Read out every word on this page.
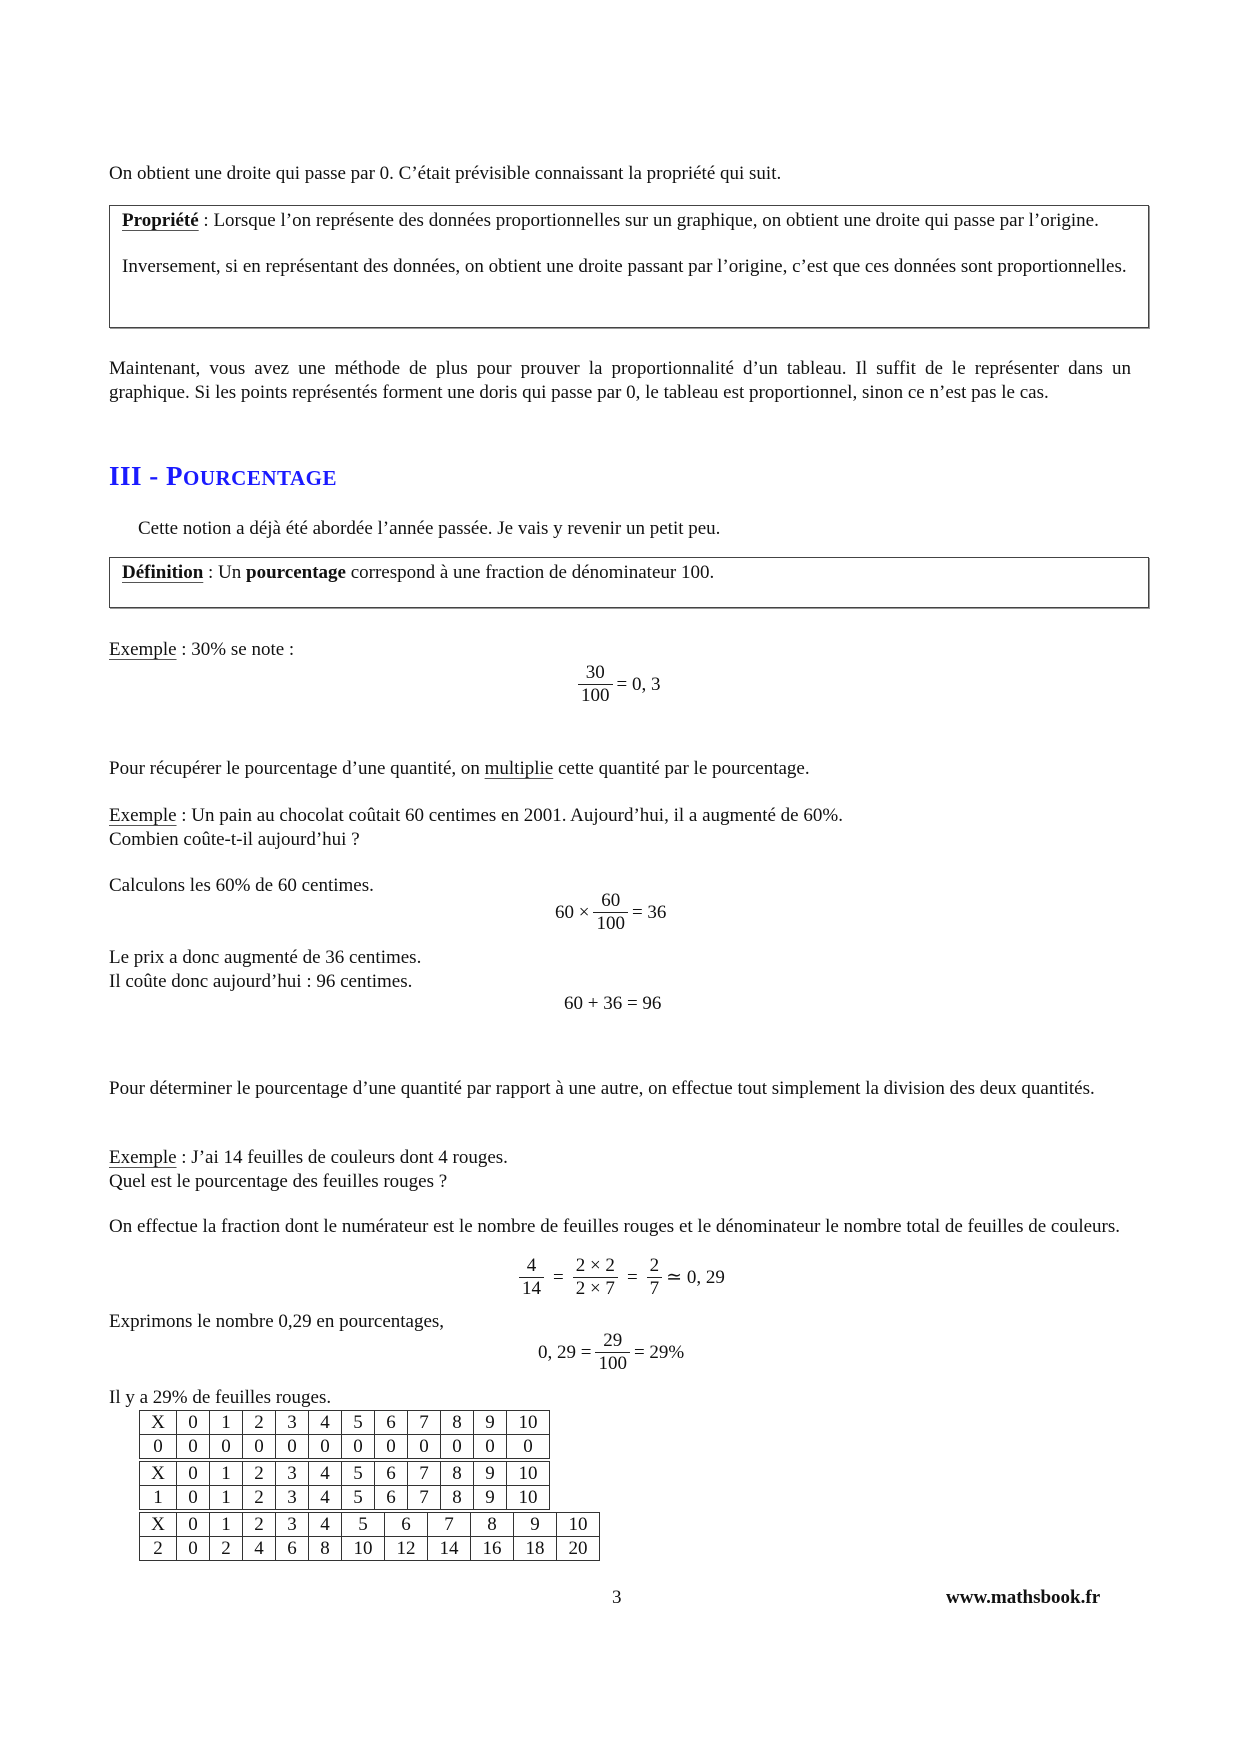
On obtient une droite qui passe par 0. C’était prévisible connaissant la propriété qui suit.

Propriété : Lorsque l’on représente des données proportionnelles sur un graphique, on obtient une droite qui passe par l’origine.

Inversement, si en représentant des données, on obtient une droite passant par l’origine, c’est que ces données sont proportionnelles.

Maintenant, vous avez une méthode de plus pour prouver la proportionnalité d’un tableau. Il suffit de le représenter dans un graphique. Si les points représentés forment une doris qui passe par 0, le tableau est proportionnel, sinon ce n’est pas le cas.
III - POURCENTAGE
Cette notion a déjà été abordée l’année passée. Je vais y revenir un petit peu.

Définition : Un pourcentage correspond à une fraction de dénominateur 100.

Exemple : 30% se note :
$\frac{30}{100} = 0$, 3
Pour récupérer le pourcentage d’une quantité, on multiplie cette quantité par le pourcentage.
Exemple : Un pain au chocolat coûtait 60 centimes en 2001. Aujourd’hui, il a augmenté de 60%.
Combien coûte-t-il aujourd’hui ?
Calculons les 60% de 60 centimes.
$60 \times \frac{60}{100} = 36$
Le prix a donc augmenté de 36 centimes.
Il coûte donc aujourd’hui : 96 centimes.
60 + 36 = 96
Pour déterminer le pourcentage d’une quantité par rapport à une autre, on effectue tout simplement la division des deux quantités.
Exemple : J’ai 14 feuilles de couleurs dont 4 rouges.
Quel est le pourcentage des feuilles rouges ?
On effectue la fraction dont le numérateur est le nombre de feuilles rouges et le dénominateur le nombre total de feuilles de couleurs.
$\frac{4}{14} = \frac{2 \times 2}{2 \times 7} = \frac{2}{7}$ ≃ 0, 29
Exprimons le nombre 0,29 en pourcentages,
0, $29 = \frac{29}{100} = 29\%$
Il y a 29% de feuilles rouges.
X	0	1	2	3	4	5	6	7	8	9	10
0	0	0	0	0	0	0	0	0	0	0	0
X	0	1	2	3	4	5	6	7	8	9	10
1	0	1	2	3	4	5	6	7	8	9	10
X	0	1	2	3	4	5	6	7	8	9	10
2	0	2	4	6	8	10	12	14	16	18	20
3	www.mathsbook.fr
